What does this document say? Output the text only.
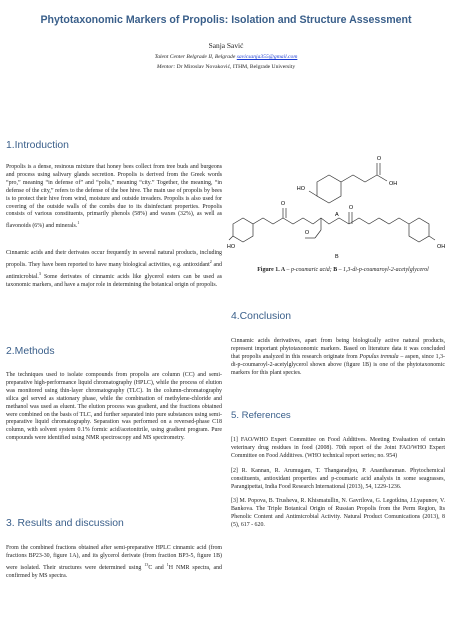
Phytotaxonomic Markers of Propolis: Isolation and Structure Assessment
Sanja Savić
Talent Center Belgrade II, Belgrade savicsanja355@gmail.com
Mentor: Dr Miroslav Novaković, ITHM, Belgrade University
1.Introduction

Propolis is a dense, resinous mixture that honey bees collect from tree buds and burgeons and process using salivary glands secretion. Propolis is derived from the Greek words “pro,” meaning “in defense of” and “polis,” meaning “city.” Together, the meaning, “in defense of the city,” refers to the defense of the bee hive. The main use of propolis by bees is to protect their hive from wind, moisture and outside invaders. Propolis is also used for covering of the outside walls of the combs due to its disinfectant properties. Propolis consists of various constituents, primarily phenols (58%) and waxes (32%), as well as flavonoids (6%) and minerals.$^1$

Cinnamic acids and their derivates occur frequently in several natural products, including propolis. They have been reported to have many biological activities, e.g. antioxidant$^2$ and antimicrobial.$^3$ Some derivates of cinnamic acids like glycerol esters can be used as taxonomic markers, and have a major role in determining the botanical origin of propolis.

2.Methods

The techniques used to isolate compounds from propolis are column (CC) and semi-preparative high-performance liquid chromatography (HPLC), while the process of elution was monitored using thin-layer chromatography (TLC). In the column-chromatography silica gel served as stationary phase, while the combination of methylene-chloride and methanol was used as eluent. The elution process was gradient, and the fractions obtained were combined on the basis of TLC, and further separated into pure substances using semi-preparative liquid chromatography. Separation was performed on a reversed-phase C18 column, with solvent system 0.1% formic acid/acetonitrile, using gradient program. Pure compounds were identified using NMR spectroscopy and MS spectrometry.

3. Results and discussion

From the combined fractions obtained after semi-preparative HPLC cinnamic acid (from fractions BP23-30, figure 1A), and its glycerol derivate (from fraction BP3-5, figure 1B) were isolated. Their structures were determined using $^{13}$C and $^1$H NMR spectra, and confirmed by MS spectra.

HO
O
OH
A
HO
O
O
O
OH
B
Figure 1. A – p-coumaric acid; B – 1,3-di-p-coumaroyl-2-acetylglycerol
4.Conclusion

Cinnamic acids derivatives, apart from being biologically active natural products, represent important phytotaxonomic markers. Based on literature data it was concluded that propolis analyzed in this research originate from Populus tremula – aspen, since 1,3-di-p-coumaroyl-2-acetylglycerol shown above (figure 1B) is one of the phytotaxonomic markers for this plant species.

5. References

[1] FAO/WHO Expert Committee on Food Additives. Meeting Evaluation of certain veterinary drug residues in food (2008). 70th report of the Joint FAO/WHO Expert Committee on Food Additives. (WHO technical report series; no. 954)

[2] R. Kannan, R. Arumugam, T. Thangaradjou, P. Anantharaman. Phytochemical constituents, antioxidant properties and p-coumaric acid analysis in some seagrasses, Parangipettai, India Food Research International (2013), 54, 1229-1236.

[3] M. Popova, B. Trusheva, R. Khismatullin, N. Gavrilova, G. Legotkina, J.Lyapunov, V. Bankova. The Triple Botanical Origin of Russian Propolis from the Perm Region, Its Phenolic Content and Antimicrobial Activity. Natural Product Comunications (2013), 8 (5), 617 - 620.
